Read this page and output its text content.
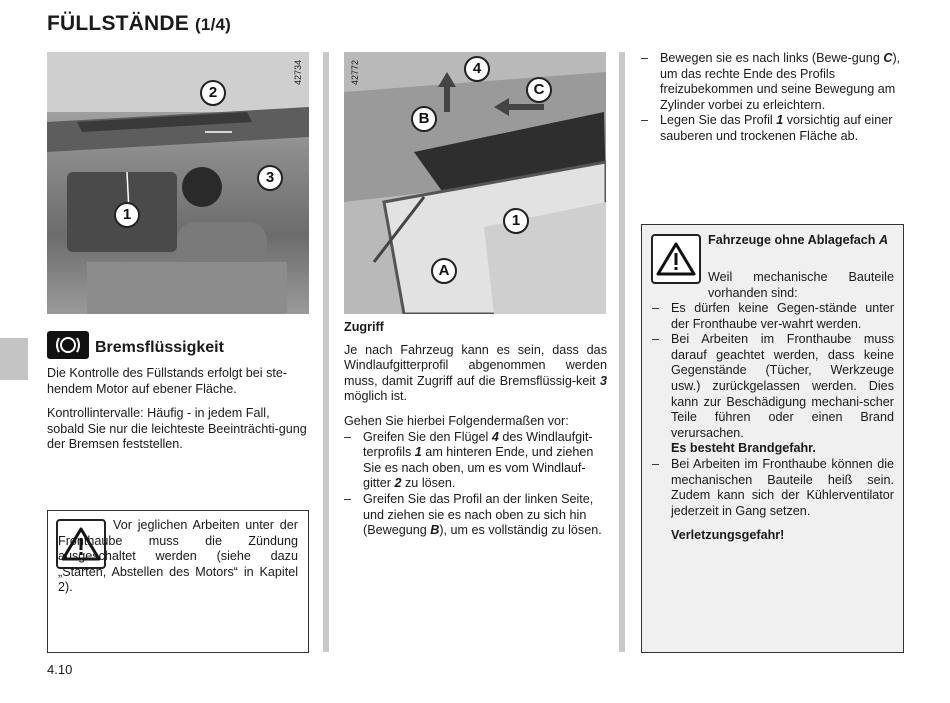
FÜLLSTÄNDE (1/4)
2
3
1
42734	4
C
B
1
A
42772
Bremsflüssigkeit

Die Kontrolle des Füllstands erfolgt bei ste-hendem Motor auf ebener Fläche.

Kontrollintervalle: Häufig - in jedem Fall, sobald Sie nur die leichteste Beeinträchti-gung der Bremsen feststellen.

Vor jeglichen Arbeiten unter der Fronthaube muss die Zündung ausgeschaltet werden (siehe dazu „Starten, Abstellen des Motors“ in Kapitel 2).

Zugriff

Je nach Fahrzeug kann es sein, dass das Windlaufgitterprofil abgenommen werden muss, damit Zugriff auf die Bremsflüssig-keit 3 möglich ist.

Gehen Sie hierbei Folgendermaßen vor:

– Greifen Sie den Flügel 4 des Windlaufgit-terprofils 1 am hinteren Ende, und ziehen Sie es nach oben, um es vom Windlauf-gitter 2 zu lösen.
– Greifen Sie das Profil an der linken Seite, und ziehen sie es nach oben zu sich hin (Bewegung B), um es vollständig zu lösen.
– Bewegen sie es nach links (Bewe-gung C), um das rechte Ende des Profils freizubekommen und seine Bewegung am Zylinder vorbei zu erleichtern.
– Legen Sie das Profil 1 vorsichtig auf einer sauberen und trockenen Fläche ab.
Fahrzeuge ohne Ablagefach A
Weil mechanische Bauteile vorhanden sind:
– Es dürfen keine Gegen-stände unter der Fronthaube ver-wahrt werden.
– Bei Arbeiten im Fronthaube muss darauf geachtet werden, dass keine Gegenstände (Tücher, Werkzeuge usw.) zurückgelassen werden. Dies kann zur Beschädigung mechani-scher Teile führen oder einen Brand verursachen.
Es besteht Brandgefahr.
– Bei Arbeiten im Fronthaube können die mechanischen Bauteile heiß sein. Zudem kann sich der Kühlerventilator jederzeit in Gang setzen.
Verletzungsgefahr!
4.10
